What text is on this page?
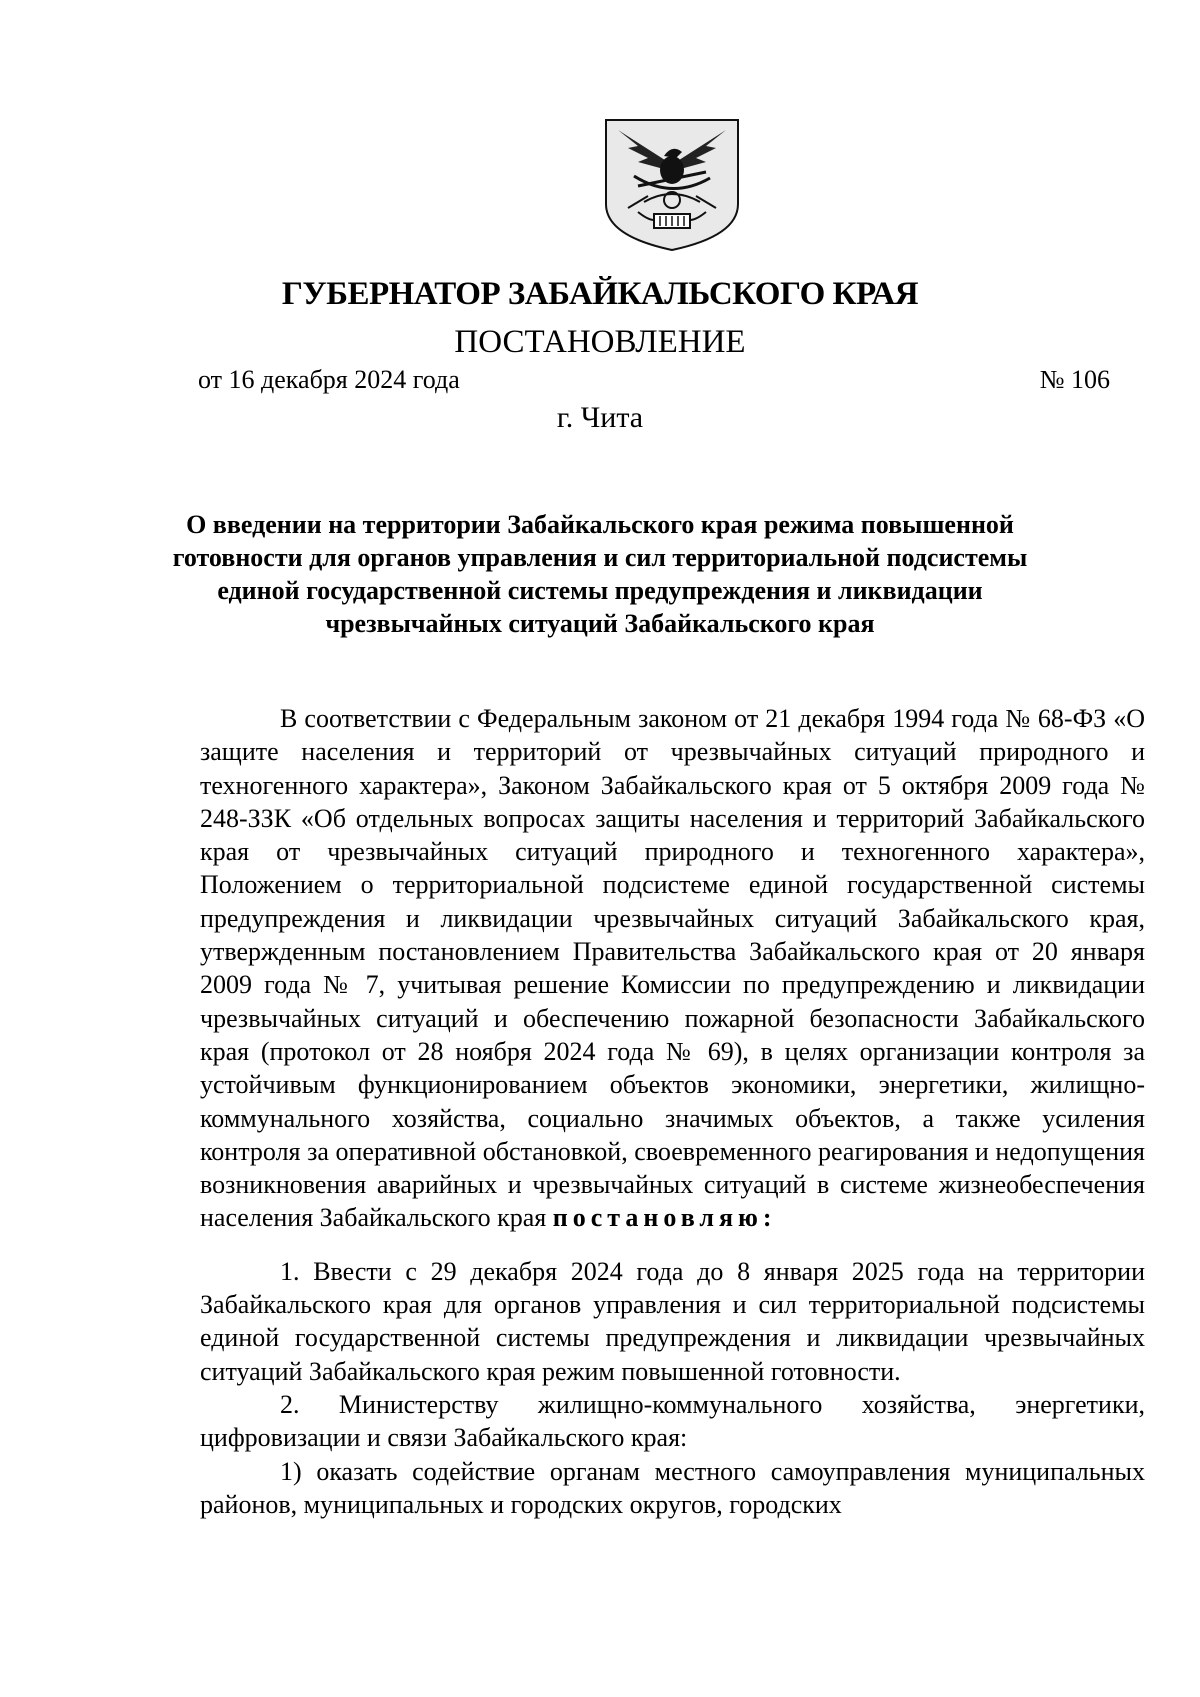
ГУБЕРНАТОР ЗАБАЙКАЛЬСКОГО КРАЯ
ПОСТАНОВЛЕНИЕ
от 16 декабря 2024 года	№ 106
г. Чита
О введении на территории Забайкальского края режима повышенной готовности для органов управления и сил территориальной подсистемы единой государственной системы предупреждения и ликвидации чрезвычайных ситуаций Забайкальского края

В соответствии с Федеральным законом от 21 декабря 1994 года № 68-ФЗ «О защите населения и территорий от чрезвычайных ситуаций природного и техногенного характера», Законом Забайкальского края от 5 октября 2009 года № 248-ЗЗК «Об отдельных вопросах защиты населения и территорий Забайкальского края от чрезвычайных ситуаций природного и техногенного характера», Положением о территориальной подсистеме единой государственной системы предупреждения и ликвидации чрезвычайных ситуаций Забайкальского края, утвержденным постановлением Правительства Забайкальского края от 20 января 2009 года № 7, учитывая решение Комиссии по предупреждению и ликвидации чрезвычайных ситуаций и обеспечению пожарной безопасности Забайкальского края (протокол от 28 ноября 2024 года № 69), в целях организации контроля за устойчивым функционированием объектов экономики, энергетики, жилищно-коммунального хозяйства, социально значимых объектов, а также усиления контроля за оперативной обстановкой, своевременного реагирования и недопущения возникновения аварийных и чрезвычайных ситуаций в системе жизнеобеспечения населения Забайкальского края постановляю:

1. Ввести с 29 декабря 2024 года до 8 января 2025 года на территории Забайкальского края для органов управления и сил территориальной подсистемы единой государственной системы предупреждения и ликвидации чрезвычайных ситуаций Забайкальского края режим повышенной готовности.

2. Министерству жилищно-коммунального хозяйства, энергетики, цифровизации и связи Забайкальского края:

1) оказать содействие органам местного самоуправления муниципальных районов, муниципальных и городских округов, городских
